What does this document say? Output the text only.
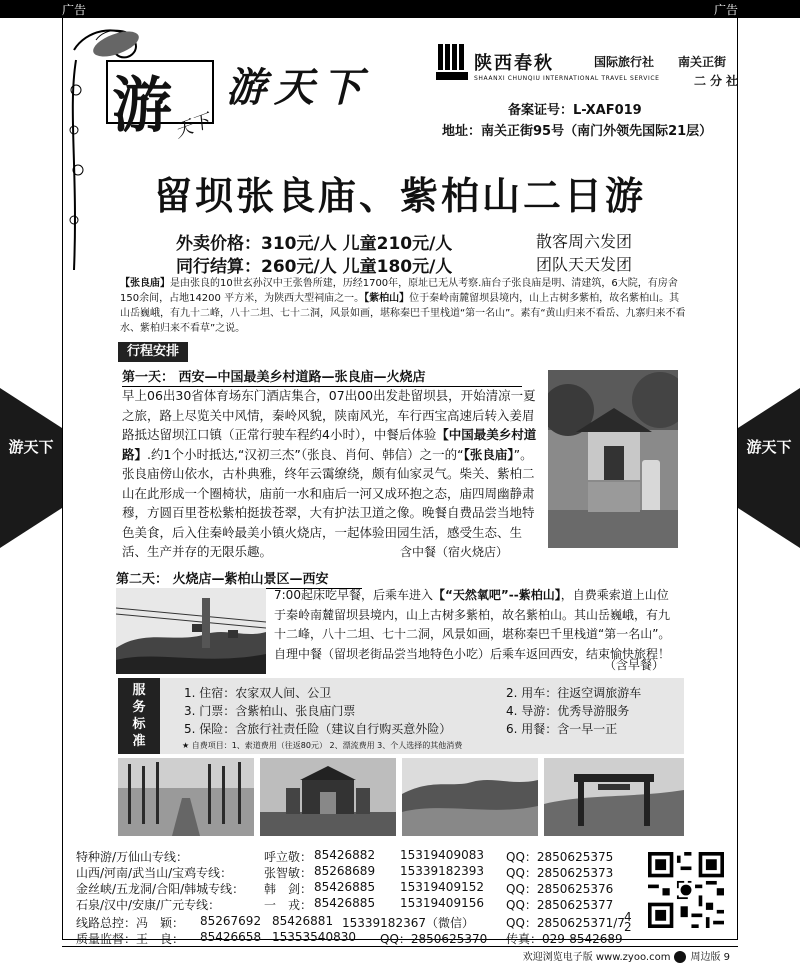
广告	广告
游天下	游天下
游 天下
游天下
陕西春秋	国际旅行社 南关正街
SHAANXI CHUNQIU INTERNATIONAL TRAVEL SERVICE	二分社
备案证号：L-XAF019
地址：南关正街95号（南门外领先国际21层）
留坝张良庙、紫柏山二日游
外卖价格：310元/人 儿童210元/人
同行结算：260元/人 儿童180元/人
散客周六发团
团队天天发团
【张良庙】是由张良的10世玄孙汉中王张鲁所建，历经1700年，原址已无从考察.庙台子张良庙是明、清建筑，6大院，有房舍150余间，占地14200 平方米，为陕西大型祠庙之一。【紫柏山】位于秦岭南麓留坝县境内，山上古树多紫柏，故名紫柏山。其山岳巍峨，有九十二峰，八十二坦、七十二洞，风景如画，堪称秦巴千里栈道“第一名山”。素有“黄山归来不看岳、九寨归来不看水、紫柏归来不看草”之说。
行程安排
第一天： 西安—中国最美乡村道路—张良庙—火烧店
早上06出30省体育场东门酒店集合，07出00出发赴留坝县，开始清凉一夏之旅，路上尽览关中风情，秦岭风貌，陕南风光，车行西宝高速后转入姜眉路抵达留坝江口镇（正常行驶车程约4小时），中餐后体验【中国最美乡村道路】.约1个小时抵达,“汉初三杰”（张良、肖何、韩信）之一的“【张良庙】”。张良庙傍山依水，古朴典雅，终年云霭缭绕，颇有仙家灵气。柴关、紫柏二山在此形成一个圈椅状，庙前一水和庙后一河又成环抱之态，庙四周幽静肃穆，方圆百里苍松紫柏挺拔苍翠，大有护法卫道之像。晚餐自费品尝当地特色美食，后入住秦岭最美小镇火烧店，一起体验田园生活，感受生态、生活、生产并存的无限乐趣。	含中餐（宿火烧店）
第二天： 火烧店—紫柏山景区—西安
7:00起床吃早餐，后乘车进入【“天然氧吧”--紫柏山】，自费乘索道上山位于秦岭南麓留坝县境内，山上古树多紫柏，故名紫柏山。其山岳巍峨，有九十二峰，八十二坦、七十二洞，风景如画，堪称秦巴千里栈道“第一名山”。自理中餐（留坝老街品尝当地特色小吃）后乘车返回西安，结束愉快旅程！
（含早餐）
服务标准
1. 住宿：农家双人间、公卫	2. 用车：往返空调旅游车
3. 门票：含紫柏山、张良庙门票	4. 导游：优秀导游服务
5. 保险：含旅行社责任险（建议自行购买意外险）	6. 用餐：含一早一正
★ 自费项目：1、索道费用（往返80元） 2、漂流费用 3、个人选择的其他消费
特种游/万仙山专线：	呼立敬： 85426882 15319409083 QQ：2850625375
山西/河南/武当山/宝鸡专线：	张智敏： 85268689 15339182393 QQ：2850625373
金丝峡/五龙洞/合阳/韩城专线： 韩　剑： 85426885 15319409152 QQ：2850625376
石泉/汉中/安康/广元专线：	一　戎： 85426885 15319409156 QQ：2850625377
线路总控：冯　颖： 85267692 85426881 15339182367（微信）	QQ：2850625371/7
质量监督：王　良： 85426658 15353540830 QQ：2850625370 传真：029-8542689
42
欢迎浏览电子版 www.zyoo.com 周边版 9
